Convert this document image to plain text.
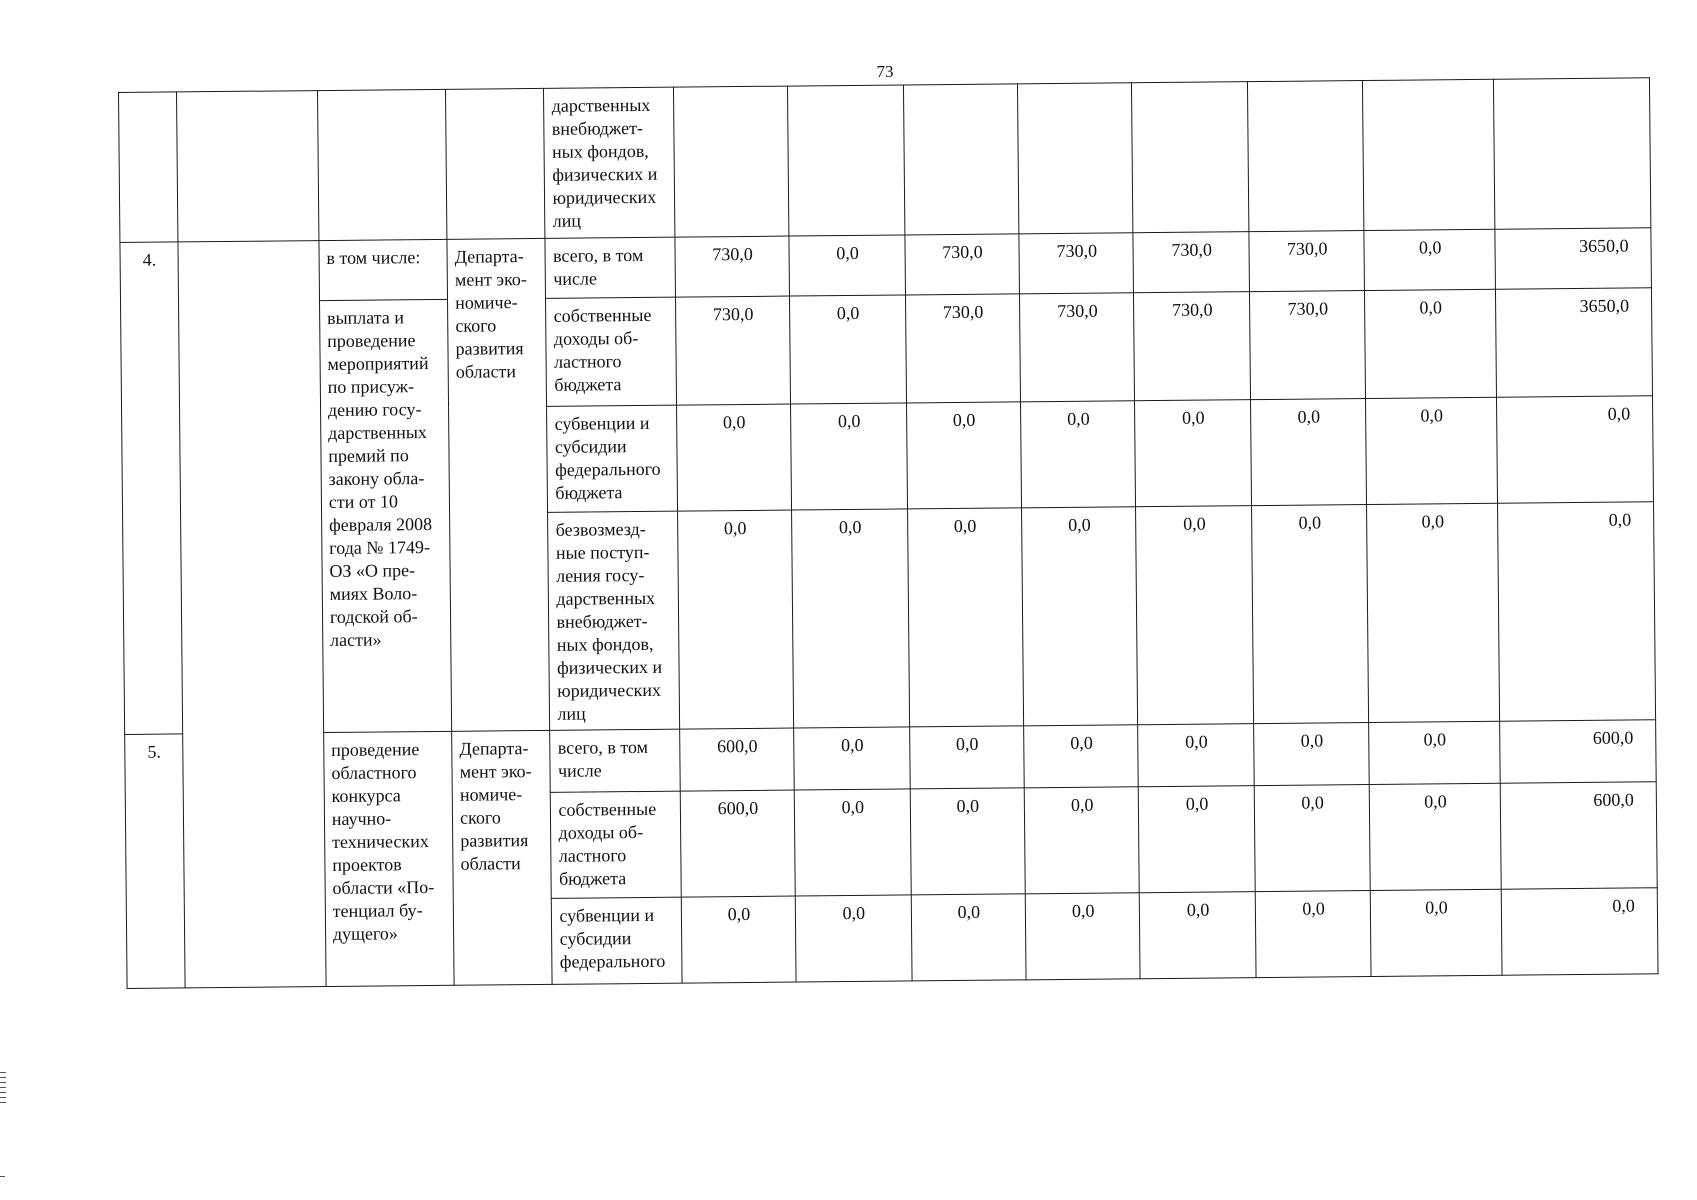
73
				дарственных внебюджет-ных фондов, физических и юридических лиц								
4.		в том числе:	Департа-мент эко-номиче-ского развития области	всего, в том числе	730,0	0,0	730,0	730,0	730,0	730,0	0,0	3650,0
		выплата и проведение мероприятий по присуж-дению госу-дарственных премий по закону обла-сти от 10 февраля 2008 года № 1749-ОЗ «О пре-миях Воло-годской об-ласти»		собственные доходы об-ластного бюджета	730,0	0,0	730,0	730,0	730,0	730,0	0,0	3650,0
				субвенции и субсидии федерального бюджета	0,0	0,0	0,0	0,0	0,0	0,0	0,0	0,0
				безвозмезд-ные поступ-ления госу-дарственных внебюджет-ных фондов, физических и юридических лиц	0,0	0,0	0,0	0,0	0,0	0,0	0,0	0,0
5.		проведение областного конкурса научно-технических проектов области «По-тенциал бу-дущего»	Департа-мент эко-номиче-ского развития области	всего, в том числе	600,0	0,0	0,0	0,0	0,0	0,0	0,0	600,0
				собственные доходы об-ластного бюджета	600,0	0,0	0,0	0,0	0,0	0,0	0,0	600,0
				субвенции и субсидии федерального	0,0	0,0	0,0	0,0	0,0	0,0	0,0	0,0
